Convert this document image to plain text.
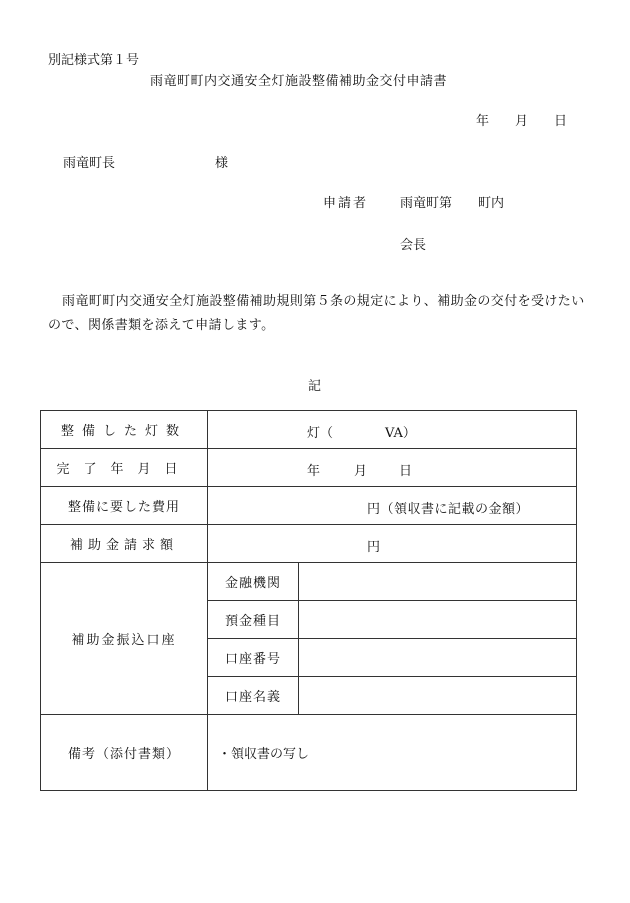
別記様式第１号
雨竜町町内交通安全灯施設整備補助金交付申請書
年　　月　　日
雨竜町長	様
申請者 雨竜町第　　町内
会長
雨竜町町内交通安全灯施設整備補助規則第５条の規定により、補助金の交付を受けたいので、関係書類を添えて申請します。
記
整備した灯数	灯（ VA）	

完了年月日	年 月 日	

整備に要した費用	円（領収書に記載の金額）	

補助金請求額	円	

補助金振込口座	金融機関	
	預金種目	
	口座番号	
	口座名義	
備考（添付書類）	・領収書の写し	
